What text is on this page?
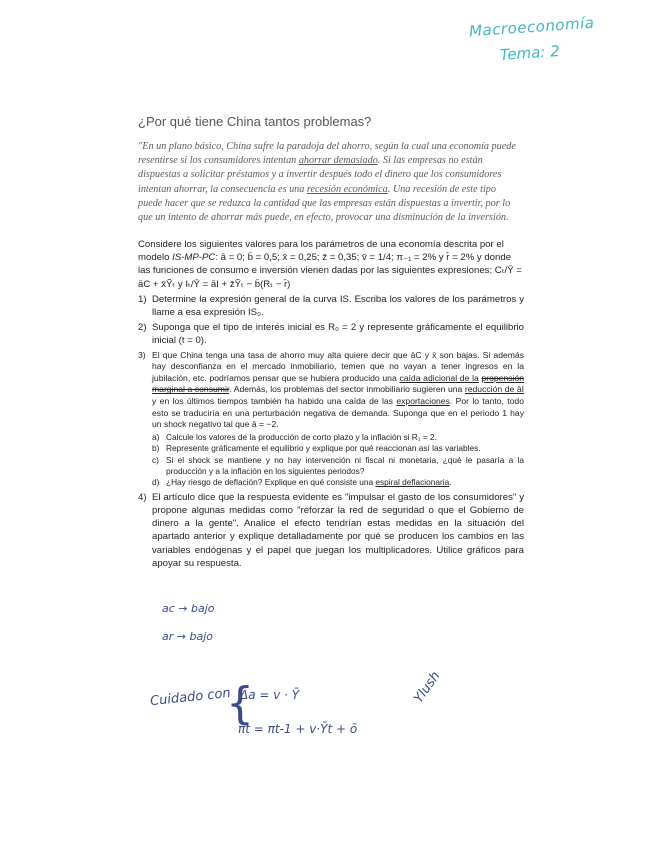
Macroeconomía
Tema: 2
¿Por qué tiene China tantos problemas?
"En un plano básico, China sufre la paradoja del ahorro, según la cual una economía puede resentirse si los consumidores intentan ahorrar demasiado. Si las empresas no están dispuestas a solicitar préstamos y a invertir después todo el dinero que los consumidores intentan ahorrar, la consecuencia es una recesión económica. Una recesión de este tipo puede hacer que se reduzca la cantidad que las empresas están dispuestas a invertir, por lo que un intento de ahorrar más puede, en efecto, provocar una disminución de la inversión.

Considere los siguientes valores para los parámetros de una economía descrita por el modelo IS-MP-PC: ā = 0; b̄ = 0,5; x̄ = 0,25; z̄ = 0,35; v̄ = 1/4; π₋₁ = 2% y r̄ = 2% y donde las funciones de consumo e inversión vienen dadas por las siguientes expresiones: Cₜ/Ȳ = āC + x̄Ỹₜ y Iₜ/Ȳ = āI + z̄Ỹₜ − b̄(Rₜ − r̄)

1) Determine la expresión general de la curva IS. Escriba los valores de los parámetros y llame a esa expresión IS₀.
2) Suponga que el tipo de interés inicial es R₀ = 2 y represente gráficamente el equilibrio inicial (t = 0).
3) El que China tenga una tasa de ahorro muy alta quiere decir que āC y x̄ son bajas. Si además hay desconfianza en el mercado inmobiliario, temen que no vayan a tener ingresos en la jubilación, etc. podríamos pensar que se hubiera producido una caída adicional de la propensión marginal a consumir. Además, los problemas del sector inmobiliario sugieren una reducción de āI y en los últimos tiempos también ha habido una caída de las exportaciones. Por lo tanto, todo esto se traduciría en una perturbación negativa de demanda. Suponga que en el periodo 1 hay un shock negativo tal que ā = −2.
a) Calcule los valores de la producción de corto plazo y la inflación si R₁ = 2.
b) Represente gráficamente el equilibrio y explique por qué reaccionan así las variables.
c) Si el shock se mantiene y no hay intervención ni fiscal ni monetaria, ¿qué le pasaría a la producción y a la inflación en los siguientes periodos?
d) ¿Hay riesgo de deflación? Explique en qué consiste una espiral deflacionaria.
4) El artículo dice que la respuesta evidente es "impulsar el gasto de los consumidores" y propone algunas medidas como "reforzar la red de seguridad o que el Gobierno de dinero a la gente". Analice el efecto tendrían estas medidas en la situación del apartado anterior y explique detalladamente por qué se producen los cambios en las variables endógenas y el papel que juegan los multiplicadores. Utilice gráficos para apoyar su respuesta.
ac → bajo
ar → bajo
Cuidado con
{
Δa = v · Ȳ
πt = πt-1 + v·Ȳt + ō
Ylush
